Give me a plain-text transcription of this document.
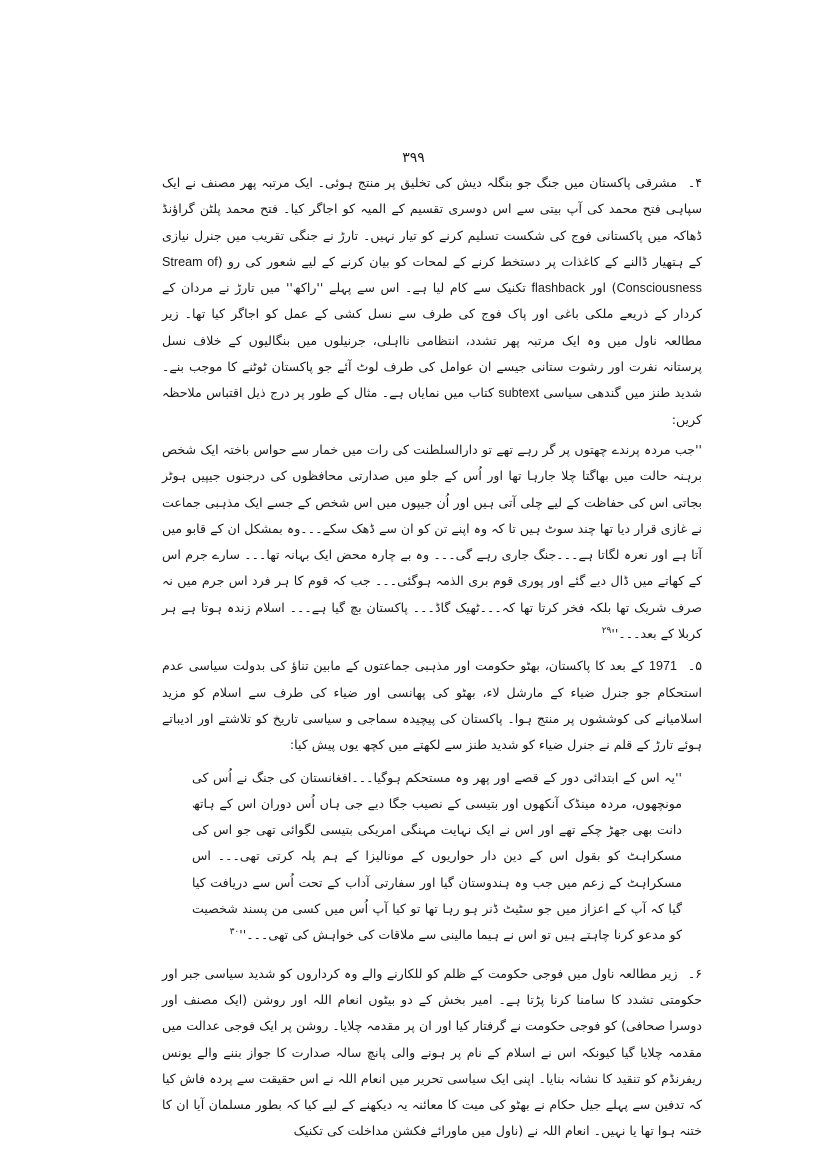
۳۹۹

۴۔ مشرقی پاکستان میں جنگ جو بنگلہ دیش کی تخلیق پر منتج ہوئی۔ ایک مرتبہ پھر مصنف نے ایک سپاہی فتح محمد کی آپ بیتی سے اس دوسری تقسیم کے المیہ کو اجاگر کیا۔ فتح محمد پلٹن گراؤنڈ ڈھاکہ میں پاکستانی فوج کی شکست تسلیم کرنے کو تیار نہیں۔ تارڑ نے جنگی تقریب میں جنرل نیازی کے ہتھیار ڈالنے کے کاغذات پر دستخط کرنے کے لمحات کو بیان کرنے کے لیے شعور کی رو (Stream of Consciousness) اور flashback تکنیک سے کام لیا ہے۔ اس سے پہلے ''راکھ'' میں تارڑ نے مردان کے کردار کے ذریعے ملکی باغی اور پاک فوج کی طرف سے نسل کشی کے عمل کو اجاگر کیا تھا۔ زیر مطالعہ ناول میں وہ ایک مرتبہ پھر تشدد، انتظامی نااہلی، جرنیلوں میں بنگالیوں کے خلاف نسل پرستانہ نفرت اور رشوت ستانی جیسے ان عوامل کی طرف لوٹ آئے جو پاکستان ٹوٹنے کا موجب بنے۔ شدید طنز میں گندھی سیاسی subtext کتاب میں نمایاں ہے۔ مثال کے طور پر درج ذیل اقتباس ملاحظہ کریں:

''جب مردہ پرندے چھتوں پر گر رہے تھے تو دارالسلطنت کی رات میں خمار سے حواس باختہ ایک شخص برہنہ حالت میں بھاگتا چلا جارہا تھا اور اُس کے جلو میں صدارتی محافظوں کی درجنوں جیپیں ہوٹر بجاتی اس کی حفاظت کے لیے چلی آتی ہیں اور اُن جیپوں میں اس شخص کے جسے ایک مذہبی جماعت نے غازی قرار دیا تھا چند سوٹ ہیں تا کہ وہ اپنے تن کو ان سے ڈھک سکے۔۔۔وہ بمشکل ان کے قابو میں آتا ہے اور نعرہ لگاتا ہے۔۔۔جنگ جاری رہے گی۔۔۔ وہ بے چارہ محض ایک بہانہ تھا۔۔۔ سارے جرم اس کے کھاتے میں ڈال دیے گئے اور پوری قوم بری الذمہ ہوگئی۔۔۔ جب کہ قوم کا ہر فرد اس جرم میں نہ صرف شریک تھا بلکہ فخر کرتا تھا کہ۔۔۔ٹھیک گاڈ۔۔۔ پاکستان بچ گیا ہے۔۔۔ اسلام زندہ ہوتا ہے ہر کربلا کے $بعد۔۔۔''^{۲۹}$

۵۔ 1971 کے بعد کا پاکستان، بھٹو حکومت اور مذہبی جماعتوں کے مابین تناؤ کی بدولت سیاسی عدم استحکام جو جنرل ضیاء کے مارشل لاء، بھٹو کی پھانسی اور ضیاء کی طرف سے اسلام کو مزید اسلامیانے کی کوششوں پر منتج ہوا۔ پاکستان کی پیچیدہ سماجی و سیاسی تاریخ کو تلاشتے اور ادیباتے ہوئے تارڑ کے قلم نے جنرل ضیاء کو شدید طنز سے لکھتے میں کچھ یوں پیش کیا:

''یہ اس کے ابتدائی دور کے قصے اور پھر وہ مستحکم ہوگیا۔۔۔افغانستان کی جنگ نے اُس کی مونچھوں، مردہ مینڈک آنکھوں اور بتیسی کے نصیب جگا دیے جی ہاں اُس دوران اس کے ہاتھ دانت بھی جھڑ چکے تھے اور اس نے ایک نہایت مہنگی امریکی بتیسی لگوائی تھی جو اس کی مسکراہٹ کو بقول اس کے دین دار حواریوں کے مونالیزا کے ہم پلہ کرتی تھی۔۔۔ اس مسکراہٹ کے زعم میں جب وہ ہندوستان گیا اور سفارتی آداب کے تحت اُس سے دریافت کیا گیا کہ آپ کے اعزاز میں جو سٹیٹ ڈنر ہو رہا تھا تو کیا آپ اُس میں کسی من پسند شخصیت کو مدعو کرنا چاہتے ہیں تو اس نے ہیما مالینی سے ملاقات کی خواہش کی $تھی۔۔۔''^{۳۰}$

۶۔ زیر مطالعہ ناول میں فوجی حکومت کے ظلم کو للکارنے والے وہ کرداروں کو شدید سیاسی جبر اور حکومتی تشدد کا سامنا کرنا پڑتا ہے۔ امیر بخش کے دو بیٹوں انعام اللہ اور روشن (ایک مصنف اور دوسرا صحافی) کو فوجی حکومت نے گرفتار کیا اور ان پر مقدمہ چلایا۔ روشن پر ایک فوجی عدالت میں مقدمہ چلایا گیا کیونکہ اس نے اسلام کے نام پر ہونے والی پانچ سالہ صدارت کا جواز بننے والے یونس ریفرنڈم کو تنقید کا نشانہ بنایا۔ اپنی ایک سیاسی تحریر میں انعام اللہ نے اس حقیقت سے پردہ فاش کیا کہ تدفین سے پہلے جیل حکام نے بھٹو کی میت کا معائنہ یہ دیکھنے کے لیے کیا کہ بطور مسلمان آیا ان کا ختنہ ہوا تھا یا نہیں۔ انعام اللہ نے (ناول میں ماورائے فکشن مداخلت کی تکنیک
